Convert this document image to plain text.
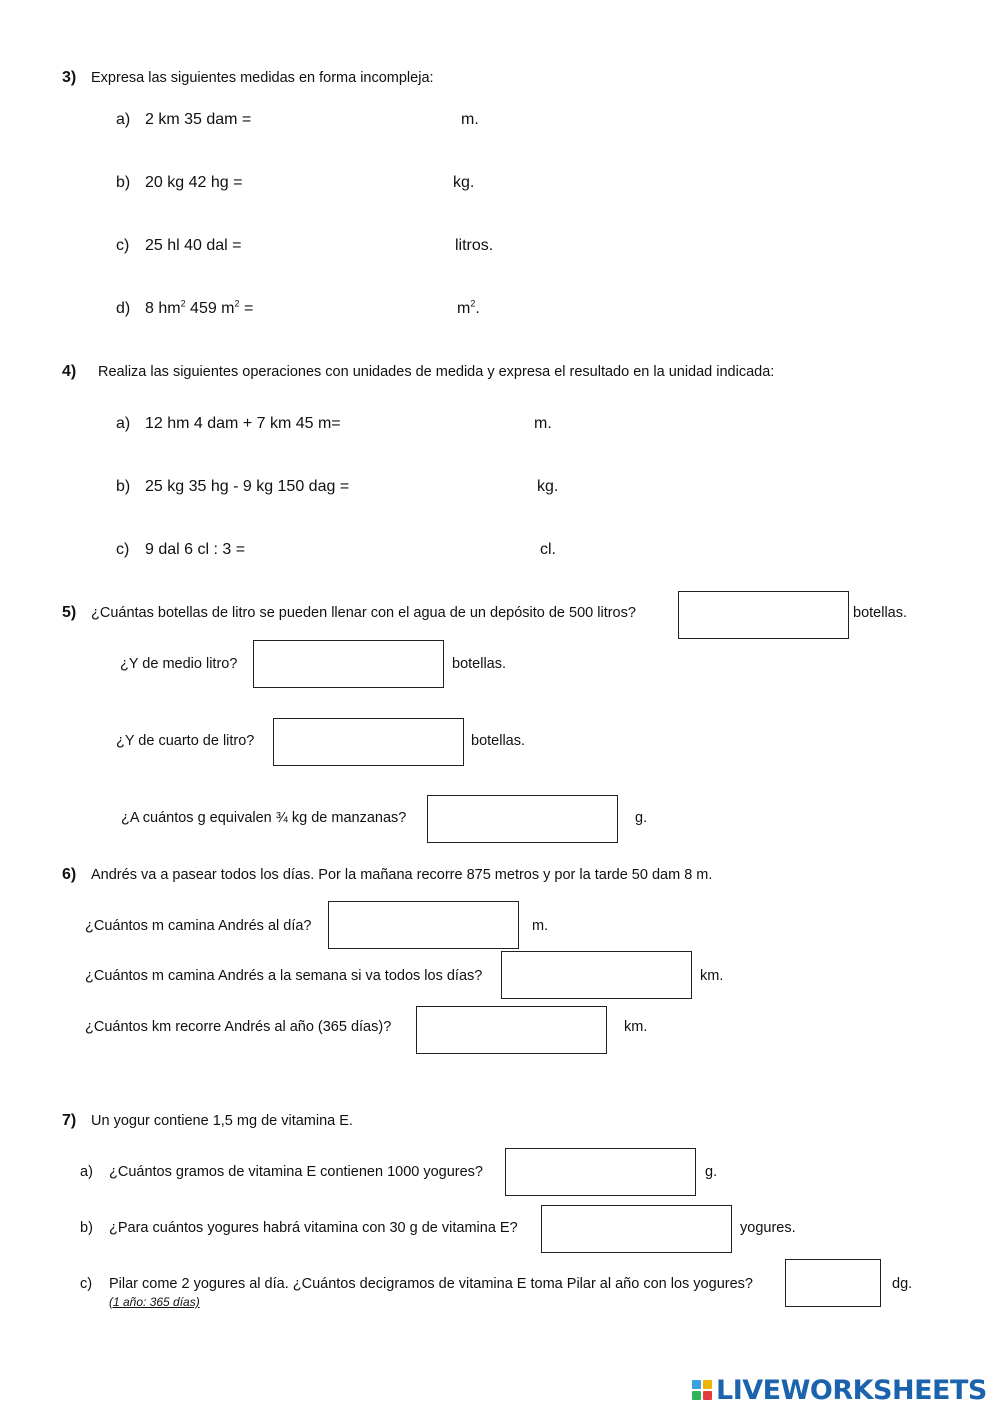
3) Expresa las siguientes medidas en forma incompleja:
a) 2 km 35 dam =	m.
b) 20 kg 42 hg =	kg.
c) 25 hl 40 dal =	litros.
d) 8 $hm^2$ 459 $m^2$ =	$m^2$.
4) Realiza las siguientes operaciones con unidades de medida y expresa el resultado en la unidad indicada:
a) 12 hm 4 dam + 7 km 45 m=	m.
b) 25 kg 35 hg - 9 kg 150 dag =	kg.
c) 9 dal 6 cl : 3 =	cl.
5) ¿Cuántas botellas de litro se pueden llenar con el agua de un depósito de 500 litros?	botellas.
¿Y de medio litro?	botellas.
¿Y de cuarto de litro?	botellas.
¿A cuántos g equivalen ¾ kg de manzanas?	g.
6) Andrés va a pasear todos los días. Por la mañana recorre 875 metros y por la tarde 50 dam 8 m.
¿Cuántos m camina Andrés al día?	m.
¿Cuántos m camina Andrés a la semana si va todos los días?	km.
¿Cuántos km recorre Andrés al año (365 días)?	km.
7) Un yogur contiene 1,5 mg de vitamina E.
a) ¿Cuántos gramos de vitamina E contienen 1000 yogures?	g.
b) ¿Para cuántos yogures habrá vitamina con 30 g de vitamina E?	yogures.
c) Pilar come 2 yogures al día. ¿Cuántos decigramos de vitamina E toma Pilar al año con los yogures?
(1 año: 365 días)
dg.
LIVEWORKSHEETS
